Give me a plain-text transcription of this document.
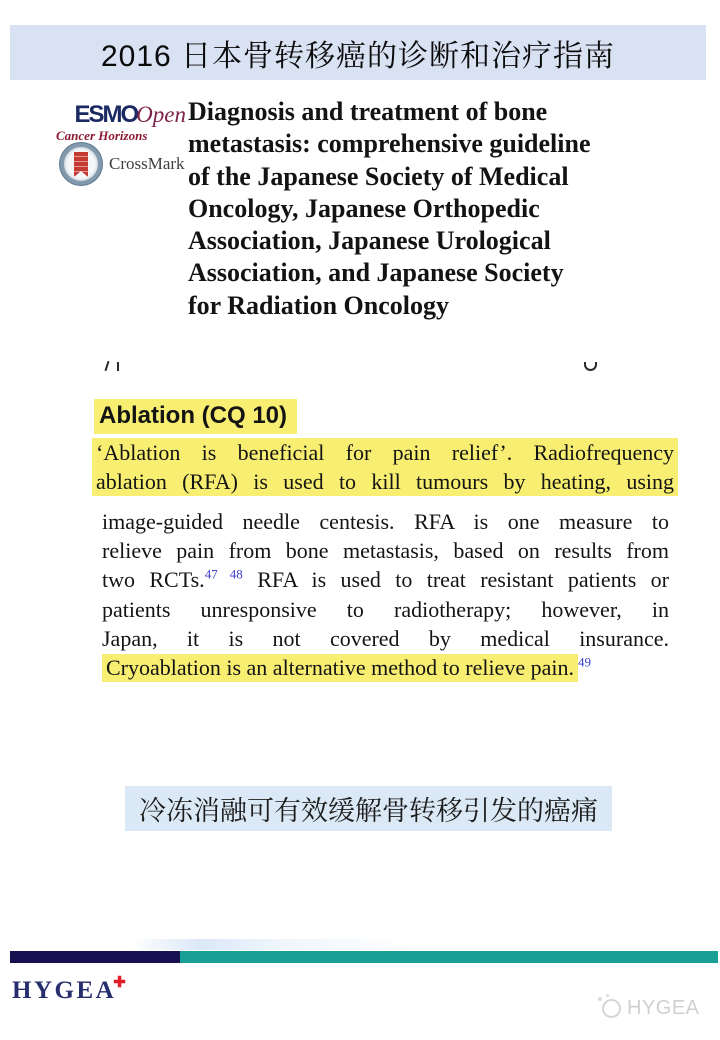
2016 日本骨转移癌的诊断和治疗指南
ESMO Open
Cancer Horizons
CrossMark
Diagnosis and treatment of bone
metastasis: comprehensive guideline
of the Japanese Society of Medical
Oncology, Japanese Orthopedic
Association, Japanese Urological
Association, and Japanese Society
for Radiation Oncology
Ablation (CQ 10)
‘Ablation is beneficial for pain relief’. Radiofrequency
ablation (RFA) is used to kill tumours by heating, using
image-guided needle centesis. RFA is one measure to
relieve pain from bone metastasis, based on results from
two RCTs.$^{47 48}$ RFA is used to treat resistant patients or
patients unresponsive to radiotherapy; however, in
Japan, it is not covered by medical insurance.
Cryoablation is an alternative method to relieve pain. $^{49}$
冷冻消融可有效缓解骨转移引发的癌痛
HYGEA✚
HYGEA
